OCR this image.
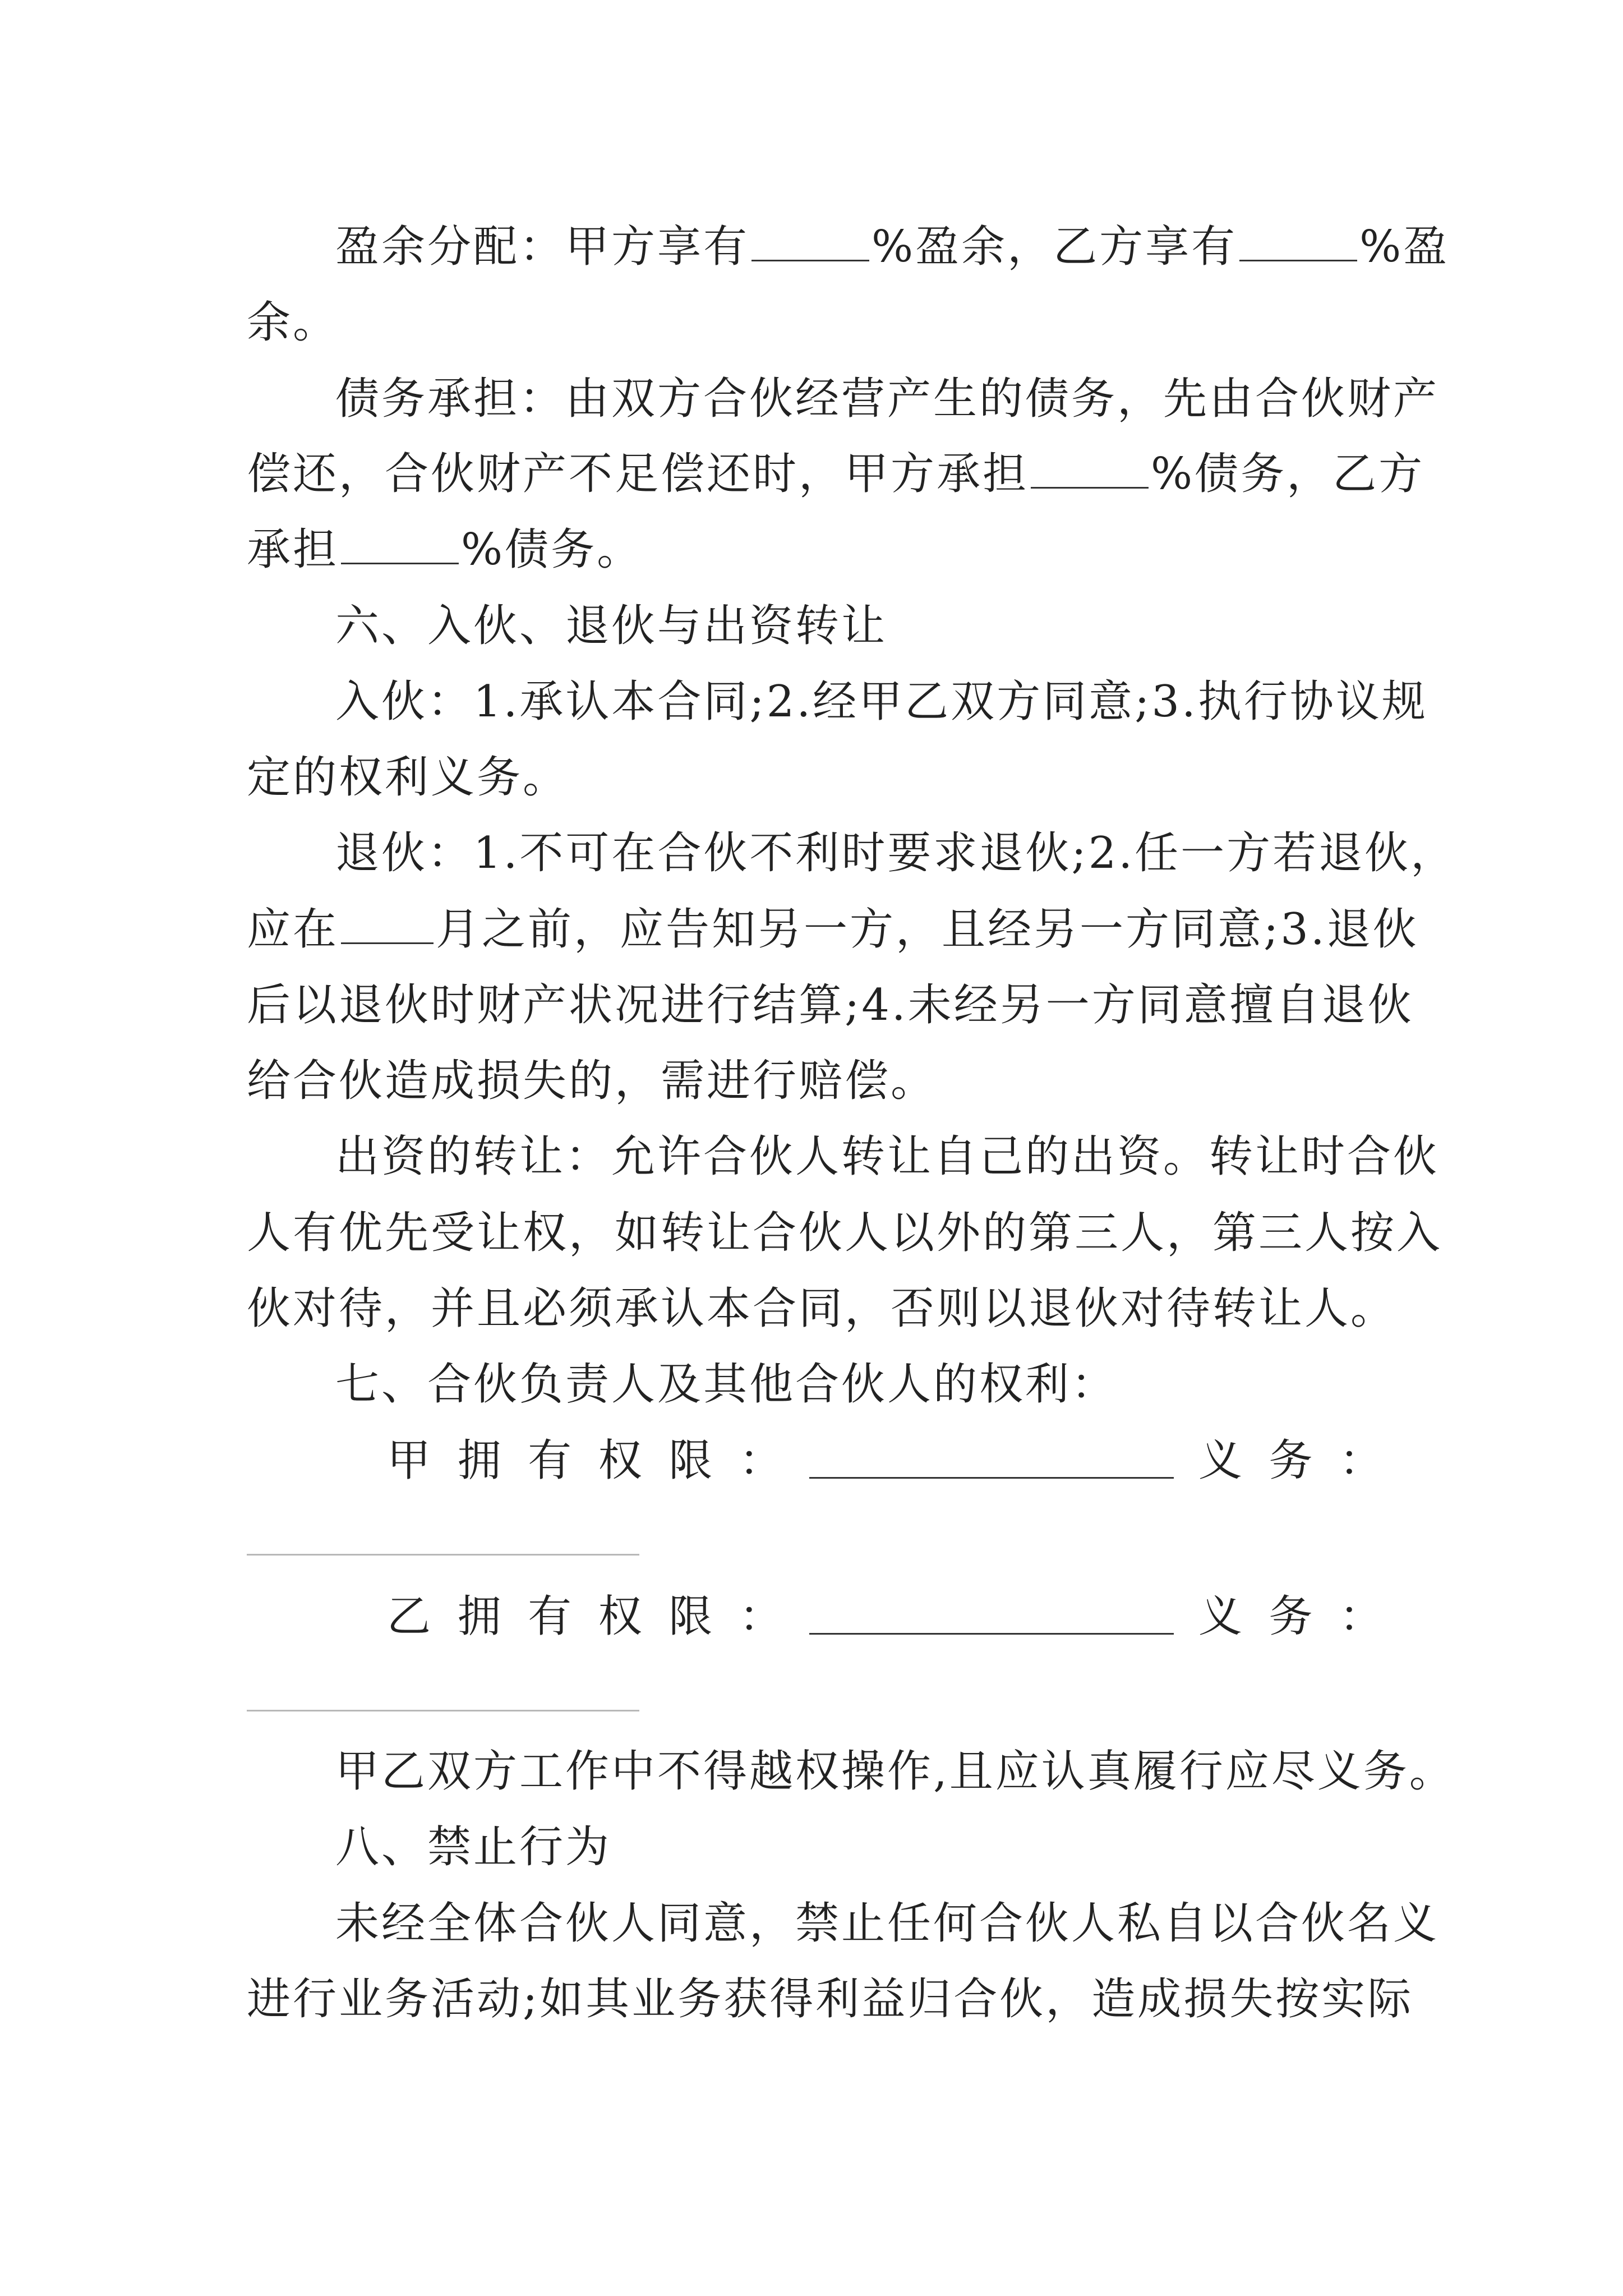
盈余分配：甲方享有	%盈余，乙方享有	%盈

余。

债务承担：由双方合伙经营产生的债务，先由合伙财产

偿还，合伙财产不足偿还时，甲方承担	%债务，乙方

承担	%债务。

六、入伙、退伙与出资转让

入伙：1.承认本合同;2.经甲乙双方同意;3.执行协议规

定的权利义务。

退伙：1.不可在合伙不利时要求退伙;2.任一方若退伙，

应在 月之前，应告知另一方，且经另一方同意;3.退伙

后以退伙时财产状况进行结算;4.未经另一方同意擅自退伙

给合伙造成损失的，需进行赔偿。

出资的转让：允许合伙人转让自己的出资。转让时合伙

人有优先受让权，如转让合伙人以外的第三人，第三人按入

伙对待，并且必须承认本合同，否则以退伙对待转让人。

七、合伙负责人及其他合伙人的权利：

甲 拥 有 权 限 ：	义 务 ：
乙 拥 有 权 限 ：	义 务 ：

甲乙双方工作中不得越权操作,且应认真履行应尽义务。

八、禁止行为

未经全体合伙人同意，禁止任何合伙人私自以合伙名义

进行业务活动;如其业务获得利益归合伙，造成损失按实际
